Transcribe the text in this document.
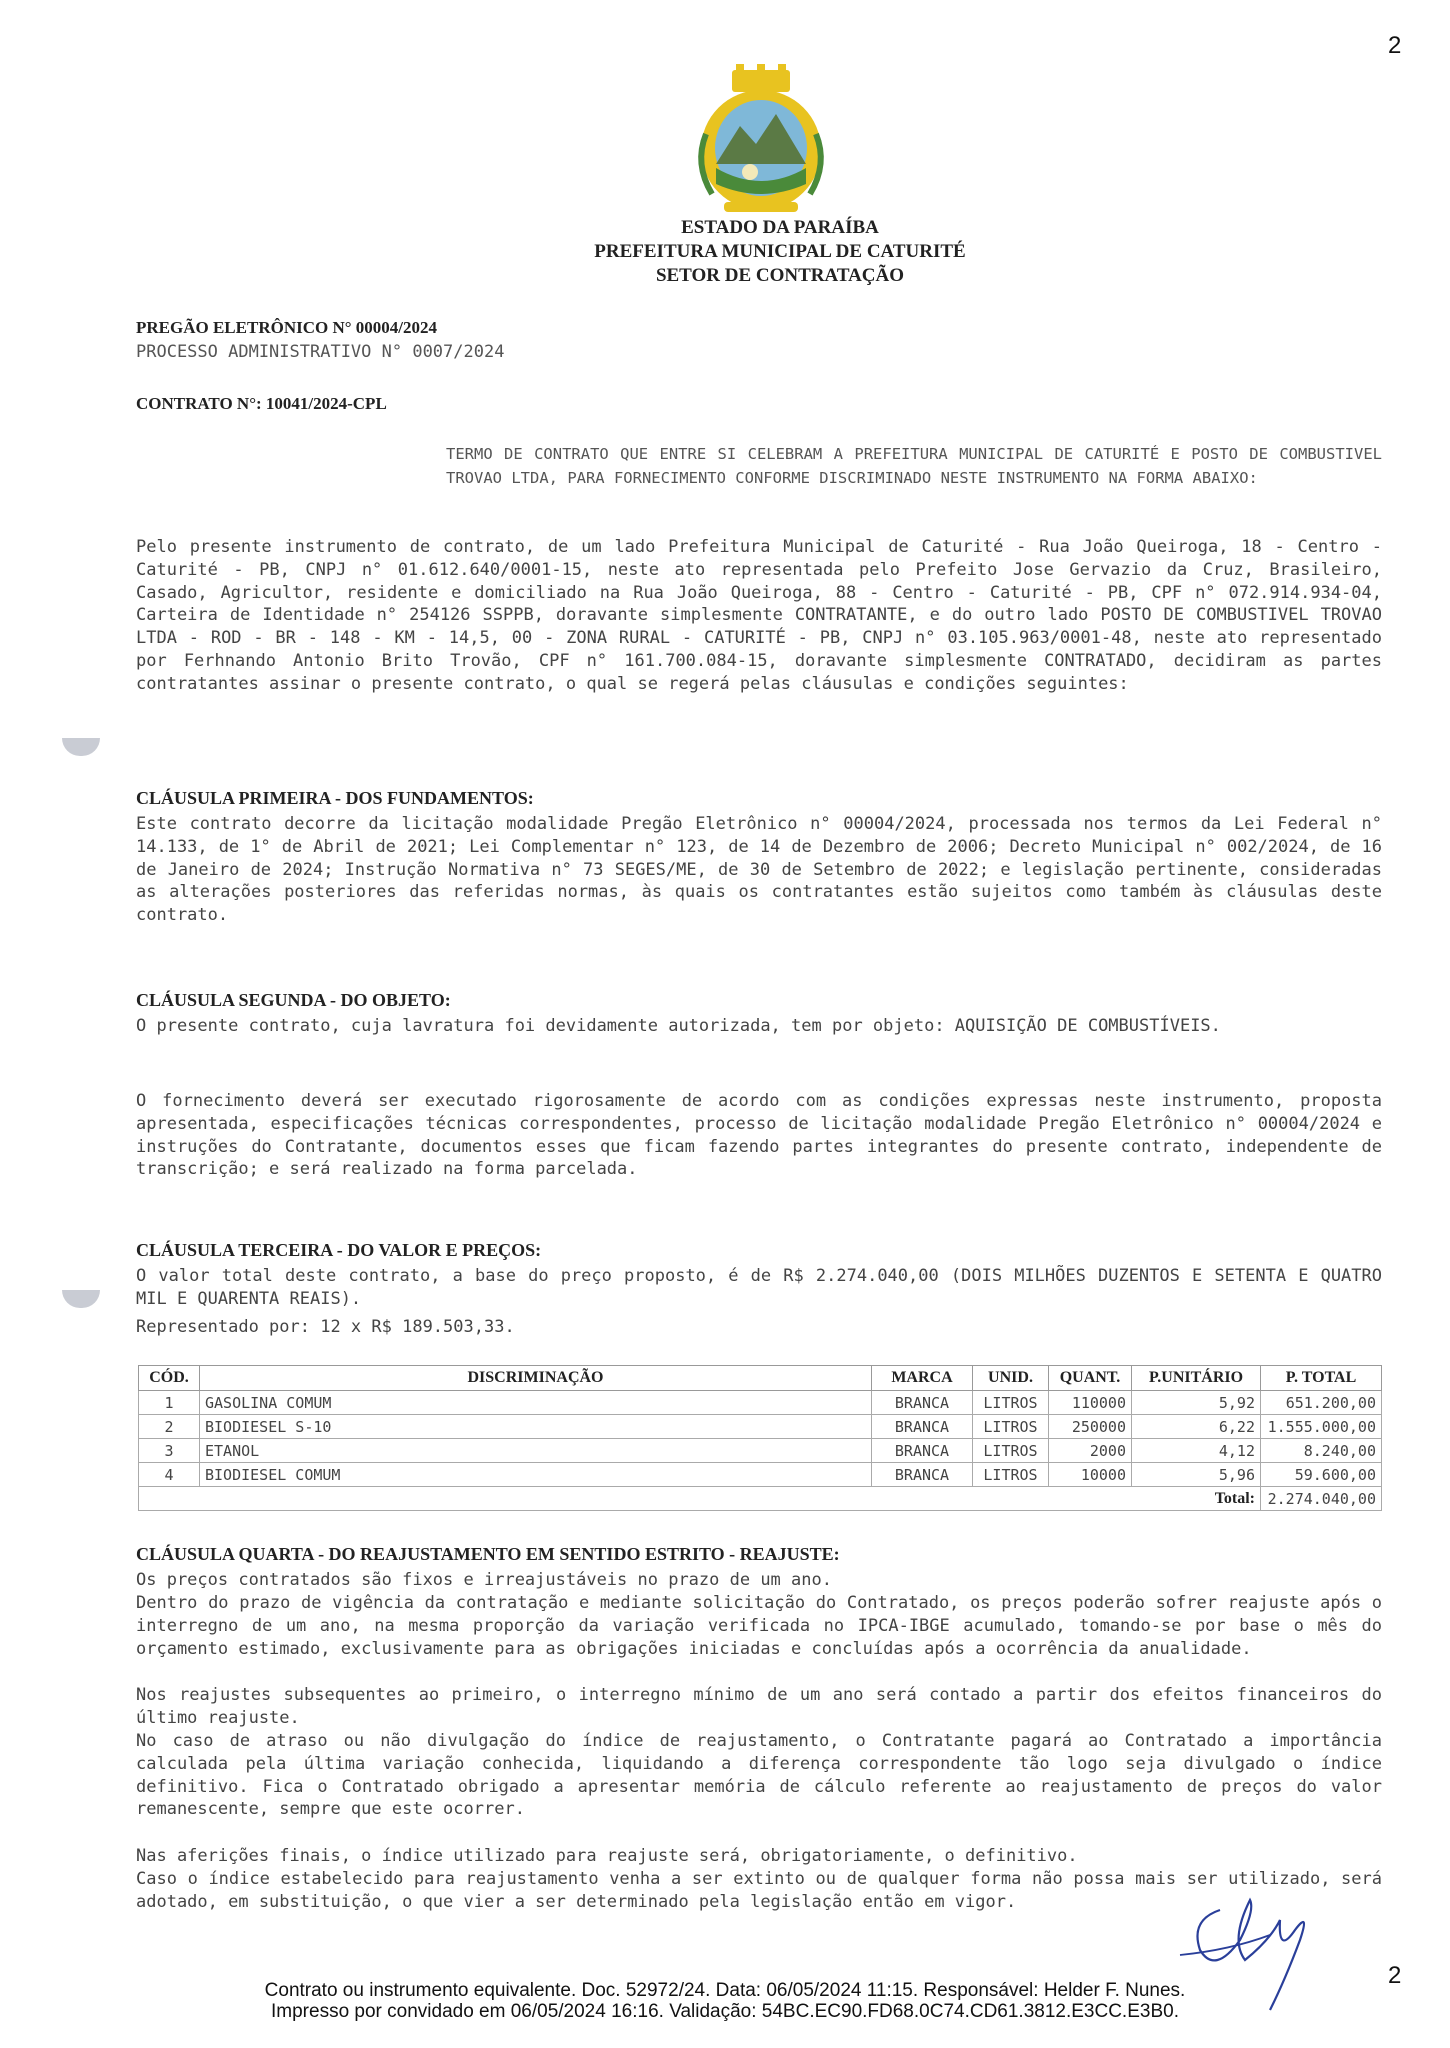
2
2
ESTADO DA PARAÍBA
PREFEITURA MUNICIPAL DE CATURITÉ
SETOR DE CONTRATAÇÃO
PREGÃO ELETRÔNICO N° 00004/2024
PROCESSO ADMINISTRATIVO N° 0007/2024
CONTRATO N°: 10041/2024-CPL
TERMO DE CONTRATO QUE ENTRE SI CELEBRAM A PREFEITURA MUNICIPAL DE CATURITÉ E POSTO DE COMBUSTIVEL TROVAO LTDA, PARA FORNECIMENTO CONFORME DISCRIMINADO NESTE INSTRUMENTO NA FORMA ABAIXO:
Pelo presente instrumento de contrato, de um lado Prefeitura Municipal de Caturité - Rua João Queiroga, 18 - Centro - Caturité - PB, CNPJ n° 01.612.640/0001-15, neste ato representada pelo Prefeito Jose Gervazio da Cruz, Brasileiro, Casado, Agricultor, residente e domiciliado na Rua João Queiroga, 88 - Centro - Caturité - PB, CPF n° 072.914.934-04, Carteira de Identidade n° 254126 SSPPB, doravante simplesmente CONTRATANTE, e do outro lado POSTO DE COMBUSTIVEL TROVAO LTDA - ROD - BR - 148 - KM - 14,5, 00 - ZONA RURAL - CATURITÉ - PB, CNPJ n° 03.105.963/0001-48, neste ato representado por Ferhnando Antonio Brito Trovão, CPF n° 161.700.084-15, doravante simplesmente CONTRATADO, decidiram as partes contratantes assinar o presente contrato, o qual se regerá pelas cláusulas e condições seguintes:
CLÁUSULA PRIMEIRA - DOS FUNDAMENTOS:
Este contrato decorre da licitação modalidade Pregão Eletrônico n° 00004/2024, processada nos termos da Lei Federal n° 14.133, de 1° de Abril de 2021; Lei Complementar n° 123, de 14 de Dezembro de 2006; Decreto Municipal n° 002/2024, de 16 de Janeiro de 2024; Instrução Normativa n° 73 SEGES/ME, de 30 de Setembro de 2022; e legislação pertinente, consideradas as alterações posteriores das referidas normas, às quais os contratantes estão sujeitos como também às cláusulas deste contrato.
CLÁUSULA SEGUNDA - DO OBJETO:
O presente contrato, cuja lavratura foi devidamente autorizada, tem por objeto: AQUISIÇÃO DE COMBUSTÍVEIS.
O fornecimento deverá ser executado rigorosamente de acordo com as condições expressas neste instrumento, proposta apresentada, especificações técnicas correspondentes, processo de licitação modalidade Pregão Eletrônico n° 00004/2024 e instruções do Contratante, documentos esses que ficam fazendo partes integrantes do presente contrato, independente de transcrição; e será realizado na forma parcelada.
CLÁUSULA TERCEIRA - DO VALOR E PREÇOS:
O valor total deste contrato, a base do preço proposto, é de R$ 2.274.040,00 (DOIS MILHÕES DUZENTOS E SETENTA E QUATRO MIL E QUARENTA REAIS).
Representado por: 12 x R$ 189.503,33.
CÓD.	DISCRIMINAÇÃO	MARCA	UNID.	QUANT.	P.UNITÁRIO	P. TOTAL
1	GASOLINA COMUM	BRANCA	LITROS	110000	5,92	651.200,00
2	BIODIESEL S-10	BRANCA	LITROS	250000	6,22	1.555.000,00
3	ETANOL	BRANCA	LITROS	2000	4,12	8.240,00
4	BIODIESEL COMUM	BRANCA	LITROS	10000	5,96	59.600,00
Total:						2.274.040,00
CLÁUSULA QUARTA - DO REAJUSTAMENTO EM SENTIDO ESTRITO - REAJUSTE:
Os preços contratados são fixos e irreajustáveis no prazo de um ano.
Dentro do prazo de vigência da contratação e mediante solicitação do Contratado, os preços poderão sofrer reajuste após o interregno de um ano, na mesma proporção da variação verificada no IPCA-IBGE acumulado, tomando-se por base o mês do orçamento estimado, exclusivamente para as obrigações iniciadas e concluídas após a ocorrência da anualidade.
Nos reajustes subsequentes ao primeiro, o interregno mínimo de um ano será contado a partir dos efeitos financeiros do último reajuste.
No caso de atraso ou não divulgação do índice de reajustamento, o Contratante pagará ao Contratado a importância calculada pela última variação conhecida, liquidando a diferença correspondente tão logo seja divulgado o índice definitivo. Fica o Contratado obrigado a apresentar memória de cálculo referente ao reajustamento de preços do valor remanescente, sempre que este ocorrer.
Nas aferições finais, o índice utilizado para reajuste será, obrigatoriamente, o definitivo.
Caso o índice estabelecido para reajustamento venha a ser extinto ou de qualquer forma não possa mais ser utilizado, será adotado, em substituição, o que vier a ser determinado pela legislação então em vigor.
Contrato ou instrumento equivalente. Doc. 52972/24. Data: 06/05/2024 11:15. Responsável: Helder F. Nunes.
Impresso por convidado em 06/05/2024 16:16. Validação: 54BC.EC90.FD68.0C74.CD61.3812.E3CC.E3B0.
